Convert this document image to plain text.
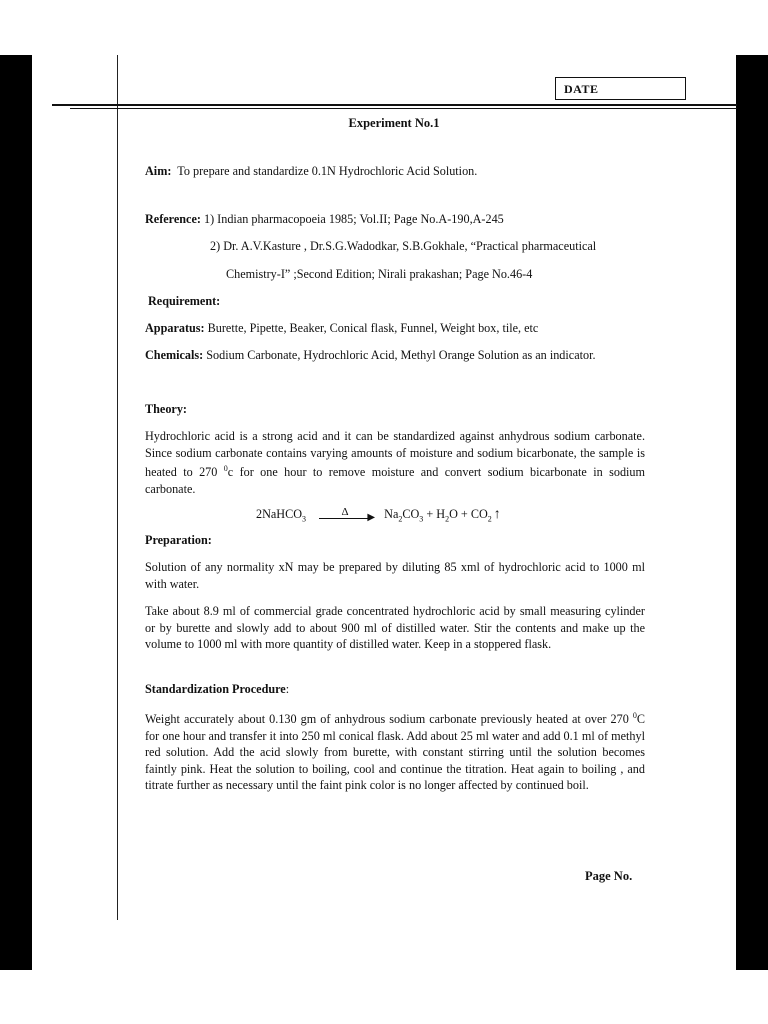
DATE
Experiment No.1
Aim: To prepare and standardize 0.1N Hydrochloric Acid Solution.
Reference: 1) Indian pharmacopoeia 1985; Vol.II; Page No.A-190,A-245
2) Dr. A.V.Kasture , Dr.S.G.Wadodkar, S.B.Gokhale, “Practical pharmaceutical
Chemistry-I” ;Second Edition; Nirali prakashan; Page No.46-4
Requirement:
Apparatus: Burette, Pipette, Beaker, Conical flask, Funnel, Weight box, tile, etc
Chemicals: Sodium Carbonate, Hydrochloric Acid, Methyl Orange Solution as an indicator.
Theory:
Hydrochloric acid is a strong acid and it can be standardized against anhydrous sodium carbonate. Since sodium carbonate contains varying amounts of moisture and sodium bicarbonate, the sample is heated to 270 $^0$c for one hour to remove moisture and convert sodium bicarbonate in sodium carbonate.
2NaHCO$_3$ Δ ▶ $Na_2CO_3 + H_2O + CO_2$ ↑
Preparation:
Solution of any normality xN may be prepared by diluting 85 xml of hydrochloric acid to 1000 ml with water.
Take about 8.9 ml of commercial grade concentrated hydrochloric acid by small measuring cylinder or by burette and slowly add to about 900 ml of distilled water. Stir the contents and make up the volume to 1000 ml with more quantity of distilled water. Keep in a stoppered flask.
Standardization Procedure:
Weight accurately about 0.130 gm of anhydrous sodium carbonate previously heated at over 270 $^0$C for one hour and transfer it into 250 ml conical flask. Add about 25 ml water and add 0.1 ml of methyl red solution. Add the acid slowly from burette, with constant stirring until the solution becomes faintly pink. Heat the solution to boiling, cool and continue the titration. Heat again to boiling , and titrate further as necessary until the faint pink color is no longer affected by continued boil.
Page No.
